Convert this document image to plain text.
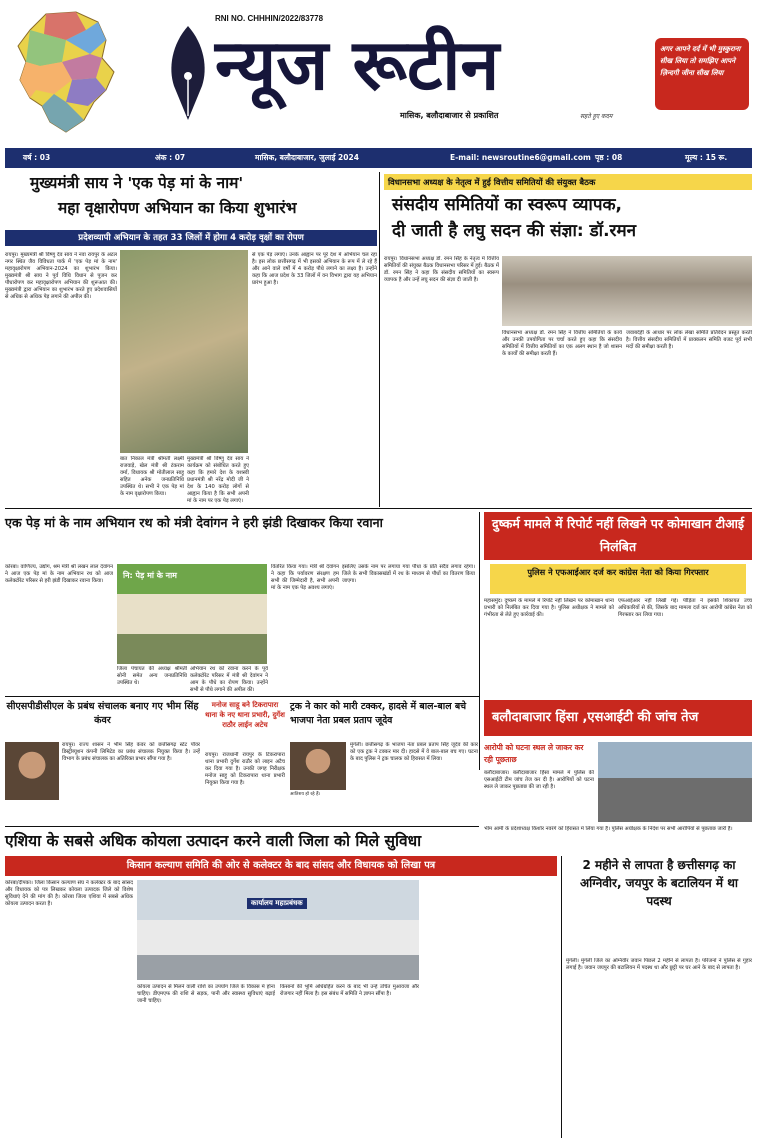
RNI NO. CHHHIN/2022/83778
न्यूज रूटीन
मासिक, बलौदाबाजार से प्रकाशित	सहते हुए कदम
अगर आपने दर्द में भी मुस्कुराना सीख लिया तो समझिए आपने ज़िन्दगी जीना सीख लिया
वर्ष : 03	अंक : 07	मासिक, बलौदाबाजार, जुलाई 2024	E-mail: newsroutine6@gmail.com पृष्ठ : 08	मूल्य : 15 रू.
मुख्यमंत्री साय ने 'एक पेड़ मां के नाम'
महा वृक्षारोपण अभियान का किया शुभारंभ
प्रदेशव्यापी अभियान के तहत 33 जिलों में होगा 4 करोड़ वृक्षों का रोपण
रायपुर। मुख्यमंत्री श्री विष्णु देव साय ने नवा रायपुर के अटल नगर स्थित जैव विविधता पार्क में 'एक पेड़ मां के नाम' महावृक्षारोपण अभियान-2024 का शुभारंभ किया। मुख्यमंत्री श्री साय ने पूर्व विधि विधान से पूजन कर पौधारोपण कर महावृक्षारोपण अभियान की शुरूआत की। मुख्यमंत्री द्वारा अभियान का शुभारंभ करते हुए प्रदेशवासियों से अधिक से अधिक पेड़ लगाने की अपील की।
से एक पेड़ लगाएं। उनके आह्वान पर पूरे देश में अभियान चल रहा है। इस लोक छत्तीसगढ़ में भी इसको अभियान के रूप में ले रहे हैं और आने वाले वर्षों में 4 करोड़ पौधे लगाने का लक्ष्य है। उन्होंने कहा कि आज प्रदेश के 33 जिलों में वन विभाग द्वारा यह अभियान प्रारंभ हुआ है।
बात निकाल मंत्री श्रीमती लक्ष्मी राजवाड़े, खेल मंत्री श्री टंकराम वर्मा, विधायक श्री मोतीलाल साहू सहित अनेक जनप्रतिनिधि उपस्थित थे। सभी ने एक पेड़ मां के नाम वृक्षारोपण किया।
मुख्यमंत्री श्री विष्णु देव साय ने कार्यक्रम को संबोधित करते हुए कहा कि हमारे देश के यशस्वी प्रधानमंत्री श्री नरेंद्र मोदी जी ने देश के 140 करोड़ लोगों से आह्वान किया है कि सभी अपनी मां के नाम पर एक पेड़ लगाएं।
विधानसभा अध्यक्ष के नेतृत्व में हुई वित्तीय समितियों की संयुक्त बैठक
संसदीय समितियों का स्वरूप व्यापक,
दी जाती है लघु सदन की संज्ञा: डॉ.रमन
रायपुर। विधानसभा अध्यक्ष डॉ. रमन सिंह के नेतृत्व में वित्तीय समितियों की संयुक्त बैठक विधानसभा परिसर में हुई। बैठक में डॉ. रमन सिंह ने कहा कि संसदीय समितियों का स्वरूप व्यापक है और उन्हें लघु सदन की संज्ञा दी जाती है।
विधानसभा अध्यक्ष डॉ. रमन सिंह ने वित्तीय समितियों के कार्य और उनकी उपयोगिता पर चर्चा करते हुए कहा कि संसदीय समितियों में वित्तीय समितियों का एक अलग स्थान है जो शासन के कार्यों की समीक्षा करती हैं।
जवाबदेही के आधार पर लोक लेखा समिति प्रतिवेदन प्रस्तुत करती है। वित्तीय संसदीय समितियों में प्राक्कलन समिति बजट पूर्व सभी मदों की समीक्षा करती है।
एक पेड़ मां के नाम अभियान रथ को मंत्री देवांगन ने हरी झंडी दिखाकर किया रवाना
कोरबा। वाणिज्य, उद्योग, श्रम मंत्री श्री लखन लाल देवांगन ने आज एक पेड़ मां के नाम अभियान रथ को आज कलेक्टोरेट परिसर से हरी झंडी दिखाकर रवाना किया।
नि: पेड़ मां के नाम
जिला पंचायत की अध्यक्ष श्रीमती सोनी समेत अन्य जनप्रतिनिधि उपस्थित थे।
अभियान रथ को रवाना करने के पूर्व कलेक्टोरेट परिसर में मंत्री श्री देवांगन ने आम के पौधे का रोपण किया। उन्होंने सभी से पौधे लगाने की अपील की।
वितरित किया गया। मंत्री श्री देवांगन ने कहा कि पर्यावरण संरक्षण हम सभी की जिम्मेदारी है, सभी अपनी मां के नाम एक पेड़ अवश्य लगाएं।
इसलिए उसके नाम पर लगाया गया पौधा के प्रति सदैव लगाव रहेगा। जिले के सभी विकासखंडों में रथ के माध्यम से पौधों का वितरण किया जाएगा।
दुष्कर्म मामले में रिपोर्ट नहीं लिखने पर कोमाखान टीआई निलंबित
पुलिस ने एफआईआर दर्ज कर कांग्रेस नेता को किया गिरफ्तार
महासमुंद। दुष्कर्म के मामले में रिपोर्ट नहीं लिखने पर कोमाखान थाना प्रभारी को निलंबित कर दिया गया है। पुलिस अधीक्षक ने मामले को गंभीरता से लेते हुए कार्रवाई की।
एफआईआर नहीं लिखी गई। पीड़िता ने इसकी शिकायत उच्च अधिकारियों से की, जिसके बाद मामला दर्ज कर आरोपी कांग्रेस नेता को गिरफ्तार कर लिया गया।
सीएसपीडीसीएल के प्रबंध संचालक बनाए गए भीम सिंह कंवर
रायपुर। राज्य शासन ने भीम सिंह कंवर को छत्तीसगढ़ स्टेट पॉवर डिस्ट्रीब्यूशन कंपनी लिमिटेड का प्रबंध संचालक नियुक्त किया है। उन्हें विभाग के प्रबंध संचालक का अतिरिक्त प्रभार सौंपा गया है।
मनोज साहू बने टिकरापारा थाना के नए थाना प्रभारी, दुर्गेश राठौर लाईन अटेच
रायपुर। राजधानी रायपुर के टिकरापारा थाना प्रभारी दुर्गेश राठौर को लाइन अटैच कर दिया गया है। उनकी जगह निरीक्षक मनोज साहू को टिकरापारा थाना प्रभारी नियुक्त किया गया है।
ट्रक ने कार को मारी टक्कर, हादसे में बाल-बाल बचे भाजपा नेता प्रबल प्रताप जूदेव
आतिशय हो रहे हैं।
मुंगेली। छत्तीसगढ़ के भाजपा नेता प्रबल प्रताप सिंह जूदेव की कार को एक ट्रक ने टक्कर मार दी। हादसे में वे बाल-बाल बच गए। घटना के बाद पुलिस ने ट्रक चालक को हिरासत में लिया।
बलौदाबाजार हिंसा ,एसआईटी की जांच तेज
आरोपी को घटना स्थल ले जाकर कर रही पूछताछ
बलौदाबाजार। बलौदाबाजार हिंसा मामले में पुलिस की एसआईटी टीम जांच तेज कर दी है। आरोपियों को घटना स्थल ले जाकर पूछताछ की जा रही है।
भीम आर्मी के प्रदेशाध्यक्ष किशोर नवरंगे को हिरासत में लिया गया है। पुलिस अधीक्षक के निर्देश पर सभी आरोपियों से पूछताछ जारी है।
एशिया के सबसे अधिक कोयला उत्पादन करने वाली जिला को मिले सुविधा
किसान कल्याण समिति की ओर से कलेक्टर के बाद सांसद और विधायक को लिखा पत्र
कोरबा/दीपका। जिला किसान कल्याण संघ ने कलेक्टर के बाद सांसद और विधायक को पत्र लिखकर कोयला उत्पादक जिले को विशेष सुविधाएं देने की मांग की है। कोरबा जिला एशिया में सबसे अधिक कोयला उत्पादन करता है।	कार्यालय महाप्रबंधक
कोयला उत्पादन से मिलने वाली राशि का उपयोग जिले के विकास में होना चाहिए। डीएमएफ की राशि से सड़क, पानी और स्वास्थ्य सुविधाएं बढ़ाई जानी चाहिए।
किसानों की भूमि अधिग्रहित करने के बाद भी उन्हें उचित मुआवजा और रोजगार नहीं मिला है। इस संबंध में समिति ने ज्ञापन सौंपा है।
2 महीने से लापता है छत्तीसगढ़ का अग्निवीर, जयपुर के बटालियन में था पदस्थ
मुंगेली। मुंगेली जिले का अग्निवीर जवान पिछले 2 महीने से लापता है। परिजनों ने पुलिस से गुहार लगाई है। जवान जयपुर की बटालियन में पदस्थ था और छुट्टी पर घर आने के बाद से लापता है।
